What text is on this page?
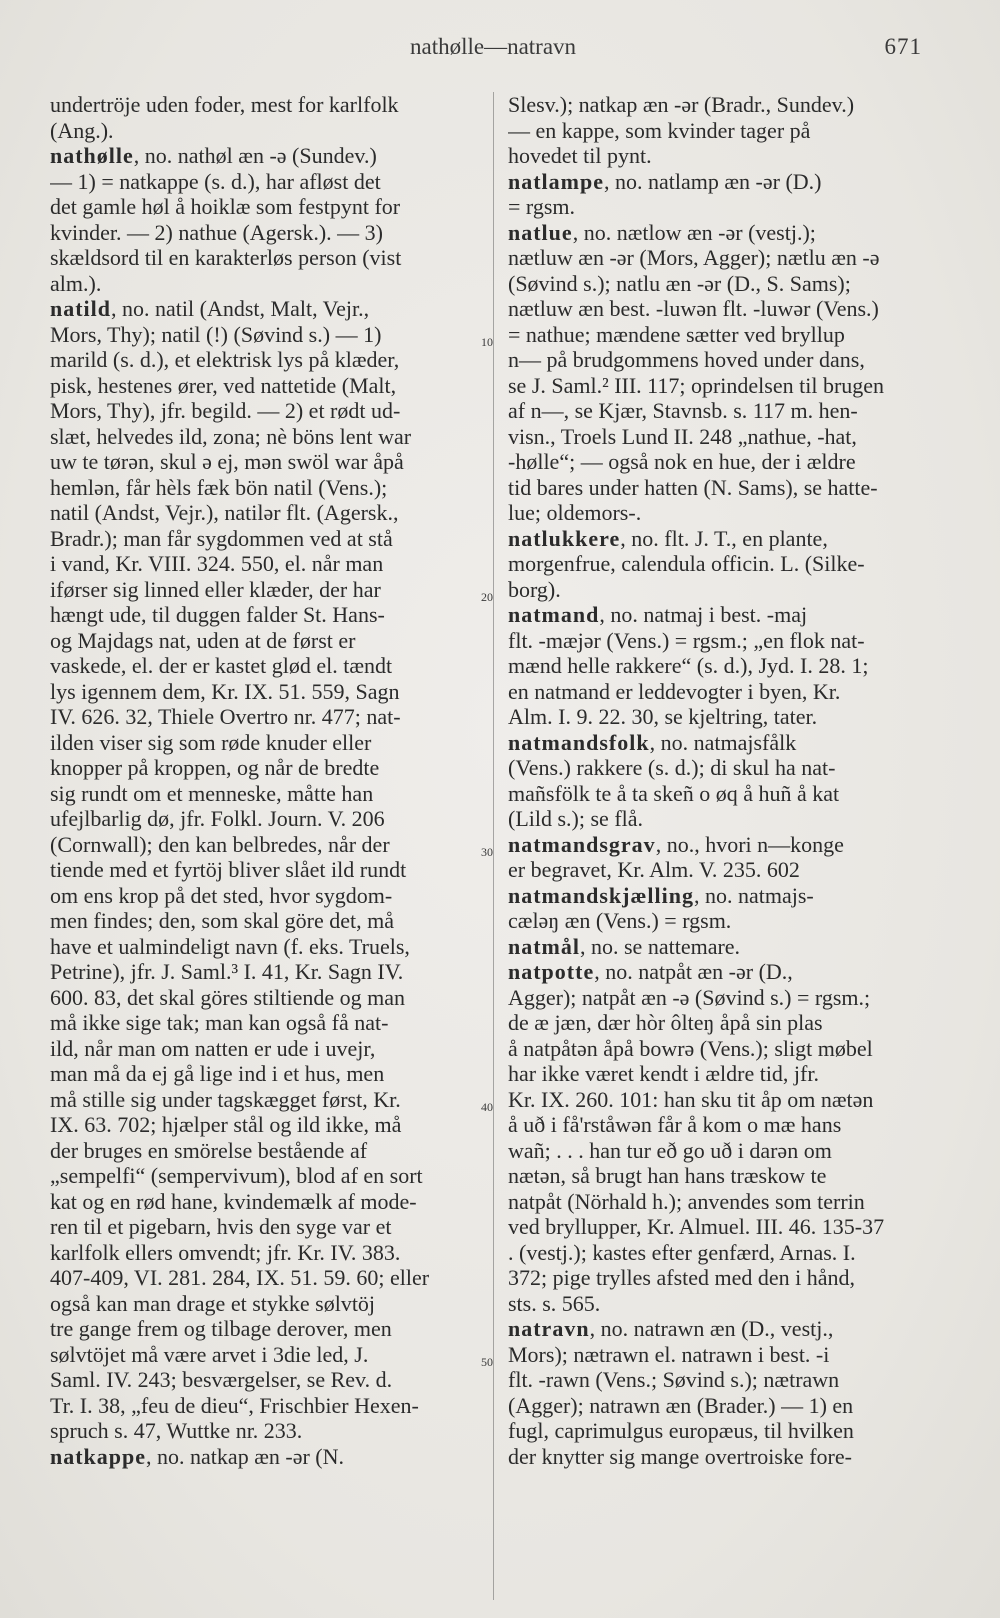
nathølle—natravn	671
undertröje uden foder, mest for karlfolk
(Ang.).
nathølle, no. nathøl æn -ə (Sundev.)
— 1) = natkappe (s. d.), har afløst det
det gamle høl å hoiklæ som festpynt for
kvinder. — 2) nathue (Agersk.). — 3)
skældsord til en karakterløs person (vist
alm.).
natild, no. natil (Andst, Malt, Vejr.,
Mors, Thy); natil (!) (Søvind s.) — 1)
marild (s. d.), et elektrisk lys på klæder,
pisk, hestenes ører, ved nattetide (Malt,
Mors, Thy), jfr. begild. — 2) et rødt ud-
slæt, helvedes ild, zona; nè böns lent war
uw te tørən, skul ə ej, mən swöl war åpå
hemlən, får hèls fæk bön natil (Vens.);
natil (Andst, Vejr.), natilər flt. (Agersk.,
Bradr.); man får sygdommen ved at stå
i vand, Kr. VIII. 324. 550, el. når man
iførser sig linned eller klæder, der har
hængt ude, til duggen falder St. Hans-
og Majdags nat, uden at de først er
vaskede, el. der er kastet glød el. tændt
lys igennem dem, Kr. IX. 51. 559, Sagn
IV. 626. 32, Thiele Overtro nr. 477; nat-
ilden viser sig som røde knuder eller
knopper på kroppen, og når de bredte
sig rundt om et menneske, måtte han
ufejlbarlig dø, jfr. Folkl. Journ. V. 206
(Cornwall); den kan belbredes, når der
tiende med et fyrtöj bliver slået ild rundt
om ens krop på det sted, hvor sygdom-
men findes; den, som skal göre det, må
have et ualmindeligt navn (f. eks. Truels,
Petrine), jfr. J. Saml.³ I. 41, Kr. Sagn IV.
600. 83, det skal göres stiltiende og man
må ikke sige tak; man kan også få nat-
ild, når man om natten er ude i uvejr,
man må da ej gå lige ind i et hus, men
må stille sig under tagskægget først, Kr.
IX. 63. 702; hjælper stål og ild ikke, må
der bruges en smörelse bestående af
„sempelfi“ (sempervivum), blod af en sort
kat og en rød hane, kvindemælk af mode-
ren til et pigebarn, hvis den syge var et
karlfolk ellers omvendt; jfr. Kr. IV. 383.
407-409, VI. 281. 284, IX. 51. 59. 60; eller
også kan man drage et stykke sølvtöj
tre gange frem og tilbage derover, men
sølvtöjet må være arvet i 3die led, J.
Saml. IV. 243; besværgelser, se Rev. d.
Tr. I. 38, „feu de dieu“, Frischbier Hexen-
spruch s. 47, Wuttke nr. 233.
natkappe, no. natkap æn -ər (N.
Slesv.); natkap æn -ər (Bradr., Sundev.)
— en kappe, som kvinder tager på
hovedet til pynt.
natlampe, no. natlamp æn -ər (D.)
= rgsm.
natlue, no. nætlow æn -ər (vestj.);
nætluw æn -ər (Mors, Agger); nætlu æn -ə
(Søvind s.); natlu æn -ər (D., S. Sams);
nætluw æn best. -luwən flt. -luwər (Vens.)
= nathue; mændene sætter ved bryllup
n— på brudgommens hoved under dans,
se J. Saml.² III. 117; oprindelsen til brugen
af n—, se Kjær, Stavnsb. s. 117 m. hen-
visn., Troels Lund II. 248 „nathue, -hat,
-hølle“; — også nok en hue, der i ældre
tid bares under hatten (N. Sams), se hatte-
lue; oldemors-.
natlukkere, no. flt. J. T., en plante,
morgenfrue, calendula officin. L. (Silke-
borg).
natmand, no. natmaj i best. -maj
flt. -mæjər (Vens.) = rgsm.; „en flok nat-
mænd helle rakkere“ (s. d.), Jyd. I. 28. 1;
en natmand er leddevogter i byen, Kr.
Alm. I. 9. 22. 30, se kjeltring, tater.
natmandsfolk, no. natmajsfålk
(Vens.) rakkere (s. d.); di skul ha nat-
mañsfölk te å ta skeñ o øq å huñ å kat
(Lild s.); se flå.
natmandsgrav, no., hvori n—konge
er begravet, Kr. Alm. V. 235. 602
natmandskjælling, no. natmajs-
cæləŋ æn (Vens.) = rgsm.
natmål, no. se nattemare.
natpotte, no. natpåt æn -ər (D.,
Agger); natpåt æn -ə (Søvind s.) = rgsm.;
de æ jæn, dær hòr ôlteŋ åpå sin plas
å natpåtən åpå bowrə (Vens.); sligt møbel
har ikke været kendt i ældre tid, jfr.
Kr. IX. 260. 101: han sku tit åp om nætən
å uð i få'rståwən får å kom o mæ hans
wañ; . . . han tur eð go uð i darən om
nætən, så brugt han hans træskow te
natpåt (Nörhald h.); anvendes som terrin
ved bryllupper, Kr. Almuel. III. 46. 135-37
. (vestj.); kastes efter genfærd, Arnas. I.
372; pige trylles afsted med den i hånd,
sts. s. 565.
natravn, no. natrawn æn (D., vestj.,
Mors); nætrawn el. natrawn i best. -i
flt. -rawn (Vens.; Søvind s.); nætrawn
(Agger); natrawn æn (Brader.) — 1) en
fugl, caprimulgus europæus, til hvilken
der knytter sig mange overtroiske fore-
10
20
30
40
50
